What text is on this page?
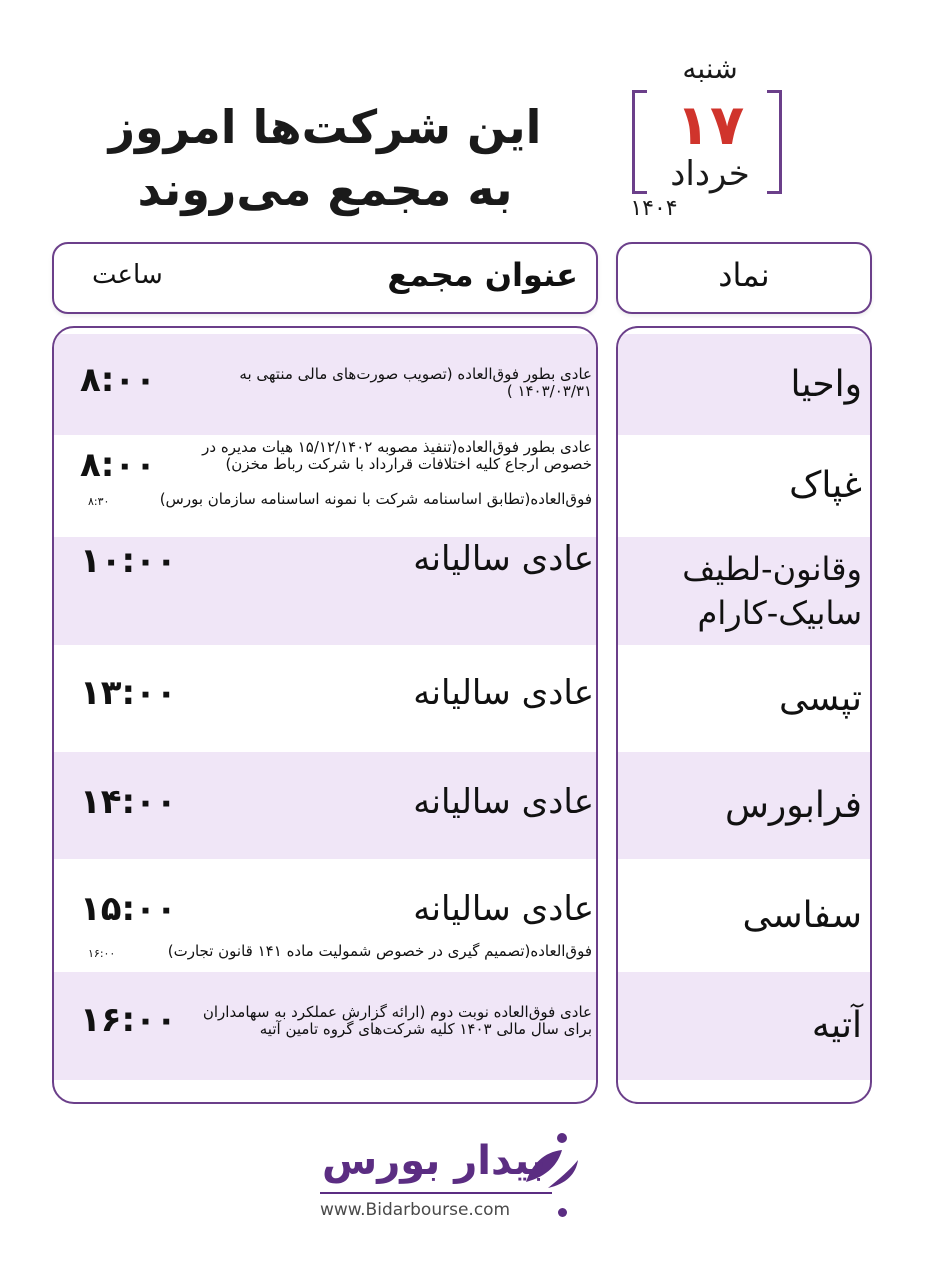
این شرکت‌ها امروز
به مجمع می‌روند
شنبه
۱۷
خرداد
۱۴۰۴
عنوان مجمع
ساعت	نماد
عادی بطور فوق‌العاده (تصویب صورت‌های مالی منتهی به ۱۴۰۳/۰۳/۳۱ )
۸:۰۰
عادی بطور فوق‌العاده(تنفیذ مصوبه ۱۵/۱۲/۱۴۰۲ هیات مدیره در خصوص ارجاع کلیه اختلافات قرارداد با شرکت رباط مخزن)
۸:۰۰
فوق‌العاده(تطابق اساسنامه شرکت با نمونه اساسنامه سازمان بورس)
۸:۳۰
عادی سالیانه
۱۰:۰۰
عادی سالیانه
۱۳:۰۰
عادی سالیانه
۱۴:۰۰
عادی سالیانه
۱۵:۰۰
فوق‌العاده(تصمیم گیری در خصوص شمولیت ماده ۱۴۱ قانون تجارت)
۱۶:۰۰
عادی فوق‌العاده نوبت دوم (ارائه گزارش عملکرد به سهامداران برای سال مالی ۱۴۰۳ کلیه شرکت‌های گروه تامین آتیه
۱۶:۰۰
واحیا
غپاک
وقانون-لطیف سابیک-کارام
تپسی
فرابورس
سفاسی
آتیه
بیدار بورس
www.Bidarbourse.com
